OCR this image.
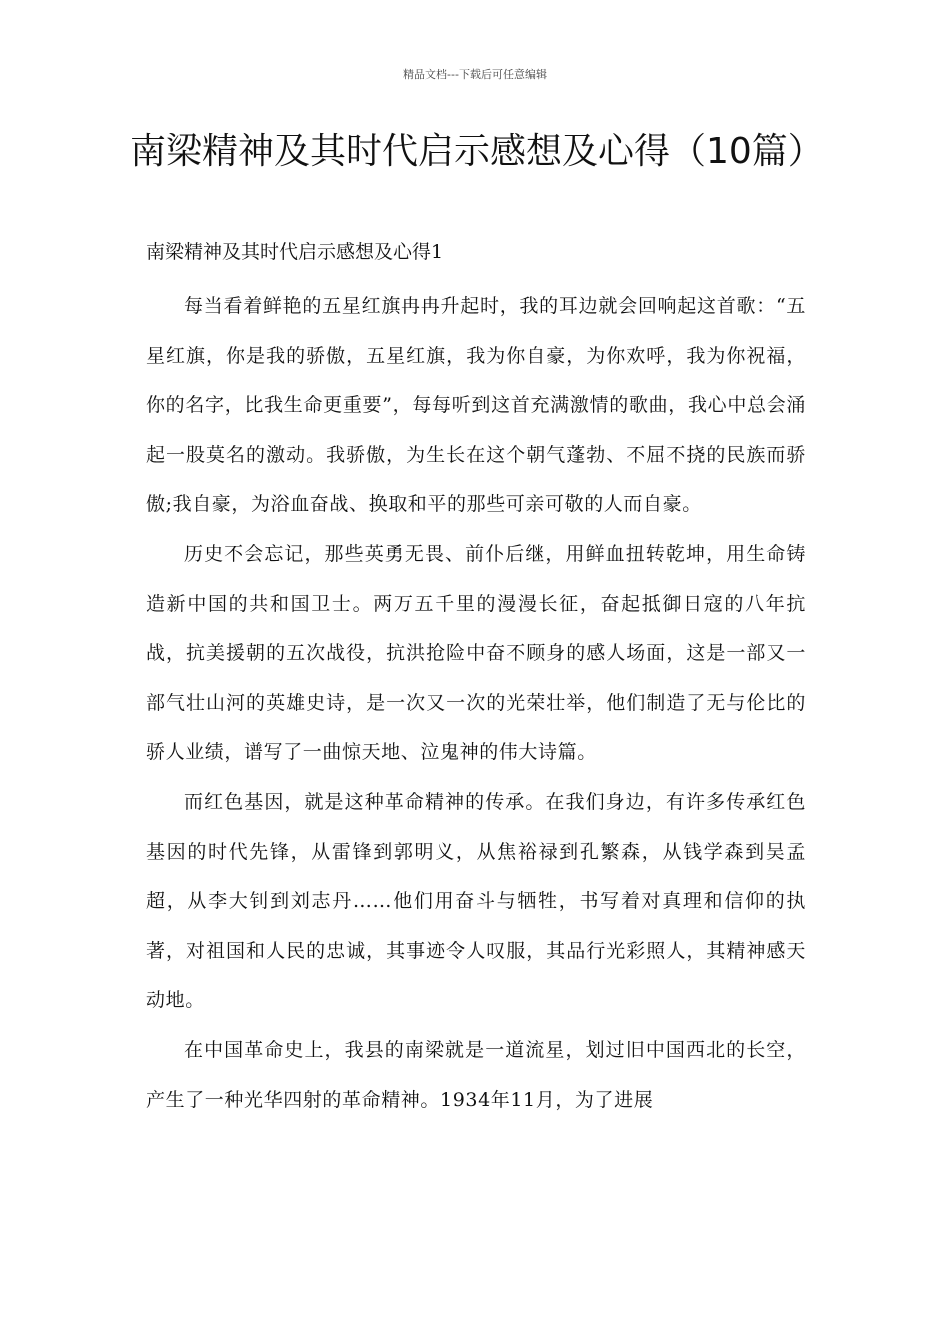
精品文档---下载后可任意编辑
南梁精神及其时代启示感想及心得（10篇）
南梁精神及其时代启示感想及心得1

每当看着鲜艳的五星红旗冉冉升起时，我的耳边就会回响起这首歌：“五星红旗，你是我的骄傲，五星红旗，我为你自豪，为你欢呼，我为你祝福，你的名字，比我生命更重要”，每每听到这首充满激情的歌曲，我心中总会涌起一股莫名的激动。我骄傲，为生长在这个朝气蓬勃、不屈不挠的民族而骄傲;我自豪，为浴血奋战、换取和平的那些可亲可敬的人而自豪。

历史不会忘记，那些英勇无畏、前仆后继，用鲜血扭转乾坤，用生命铸造新中国的共和国卫士。两万五千里的漫漫长征，奋起抵御日寇的八年抗战，抗美援朝的五次战役，抗洪抢险中奋不顾身的感人场面，这是一部又一部气壮山河的英雄史诗，是一次又一次的光荣壮举，他们制造了无与伦比的骄人业绩，谱写了一曲惊天地、泣鬼神的伟大诗篇。

而红色基因，就是这种革命精神的传承。在我们身边，有许多传承红色基因的时代先锋，从雷锋到郭明义，从焦裕禄到孔繁森，从钱学森到吴孟超，从李大钊到刘志丹……他们用奋斗与牺牲，书写着对真理和信仰的执著，对祖国和人民的忠诚，其事迹令人叹服，其品行光彩照人，其精神感天动地。

在中国革命史上，我县的南梁就是一道流星，划过旧中国西北的长空，产生了一种光华四射的革命精神。1934年11月，为了进展
